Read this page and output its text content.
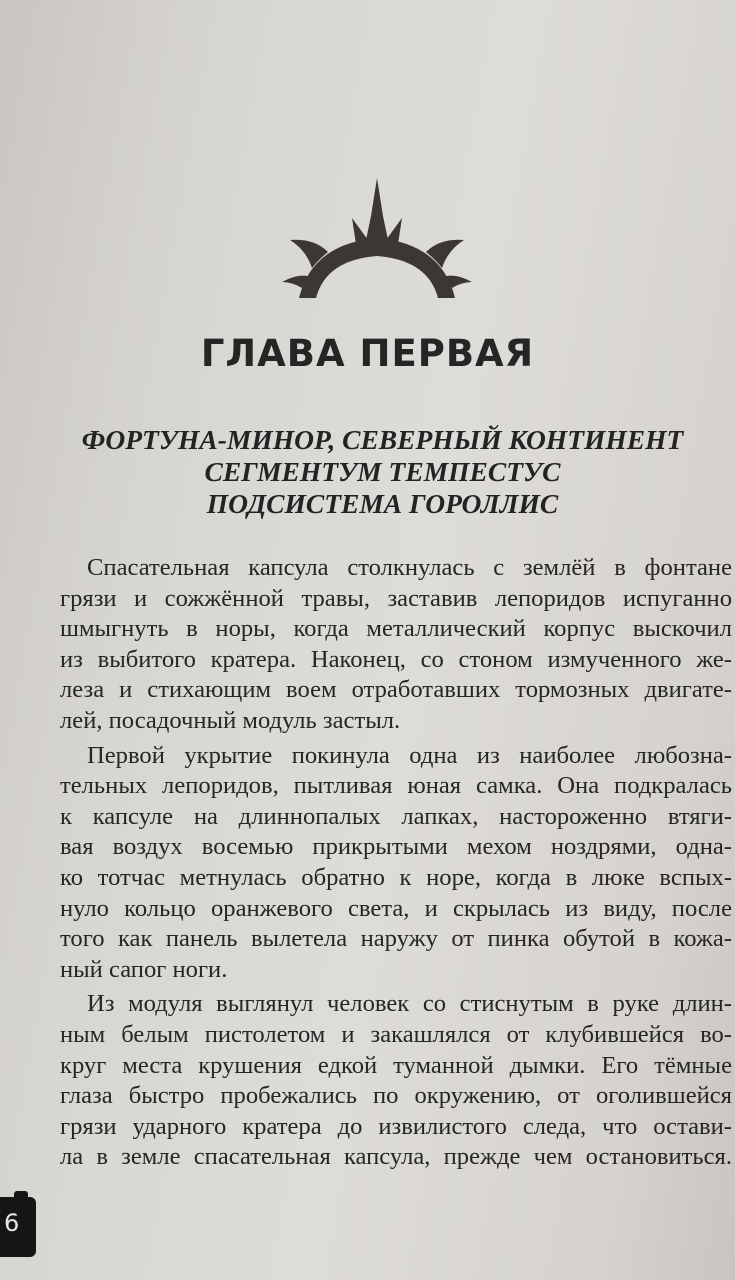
ГЛАВА ПЕРВАЯ
ФОРТУНА-МИНОР, СЕВЕРНЫЙ КОНТИНЕНТ
СЕГМЕНТУМ ТЕМПЕСТУС
ПОДСИСТЕМА ГОРОЛЛИС
Спасательная капсула столкнулась с землёй в фонтане
грязи и сожжённой травы, заставив лепоридов испуганно
шмыгнуть в норы, когда металлический корпус выскочил
из выбитого кратера. Наконец, со стоном измученного же-
леза и стихающим воем отработавших тормозных двигате-
лей, посадочный модуль застыл.
Первой укрытие покинула одна из наиболее любозна-
тельных лепоридов, пытливая юная самка. Она подкралась
к капсуле на длиннопалых лапках, настороженно втяги-
вая воздух восемью прикрытыми мехом ноздрями, одна-
ко тотчас метнулась обратно к норе, когда в люке вспых-
нуло кольцо оранжевого света, и скрылась из виду, после
того как панель вылетела наружу от пинка обутой в кожа-
ный сапог ноги.
Из модуля выглянул человек со стиснутым в руке длин-
ным белым пистолетом и закашлялся от клубившейся во-
круг места крушения едкой туманной дымки. Его тёмные
глаза быстро пробежались по окружению, от оголившейся
грязи ударного кратера до извилистого следа, что остави-
ла в земле спасательная капсула, прежде чем остановиться.
6
